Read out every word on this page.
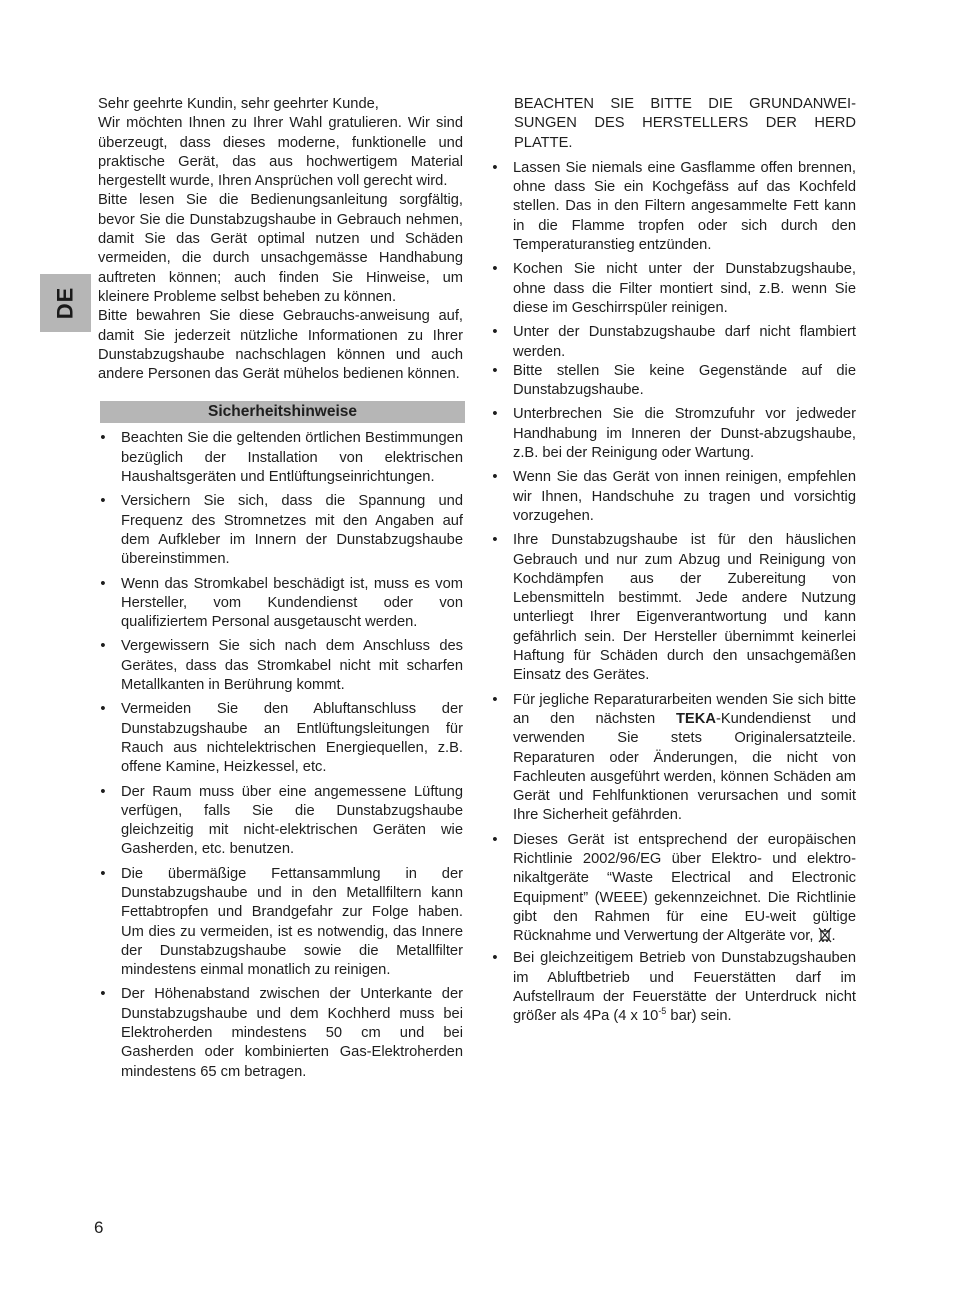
DE

Sehr geehrte Kundin, sehr geehrter Kunde,

Wir möchten Ihnen zu Ihrer Wahl gratulieren. Wir sind überzeugt, dass dieses moderne, funktionelle und praktische Gerät, das aus hochwertigem Material hergestellt wurde, Ihren Ansprüchen voll gerecht wird.

Bitte lesen Sie die Bedienungsanleitung sorgfältig, bevor Sie die Dunstabzugshaube in Gebrauch nehmen, damit Sie das Gerät optimal nutzen und Schäden vermeiden, die durch unsachgemässe Handhabung auftreten können; auch finden Sie Hinweise, um kleinere Probleme selbst beheben zu können.

Bitte bewahren Sie diese Gebrauchs-anweisung auf, damit Sie jederzeit nützliche Informationen zu Ihrer Dunstabzugshaube nachschlagen können und auch andere Personen das Gerät mühelos bedienen können.

Sicherheitshinweise
• Beachten Sie die geltenden örtlichen Bestimmungen bezüglich der Installation von elektrischen Haushaltsgeräten und Entlüftungseinrichtungen.
• Versichern Sie sich, dass die Spannung und Frequenz des Stromnetzes mit den Angaben auf dem Aufkleber im Innern der Dunstabzugshaube übereinstimmen.
• Wenn das Stromkabel beschädigt ist, muss es vom Hersteller, vom Kundendienst oder von qualifiziertem Personal ausgetauscht werden.
• Vergewissern Sie sich nach dem Anschluss des Gerätes, dass das Stromkabel nicht mit scharfen Metallkanten in Berührung kommt.
• Vermeiden Sie den Abluftanschluss der Dunstabzugshaube an Entlüftungsleitungen für Rauch aus nichtelektrischen Energiequellen, z.B. offene Kamine, Heizkessel, etc.
• Der Raum muss über eine angemessene Lüftung verfügen, falls Sie die Dunstabzugshaube gleichzeitig mit nicht-elektrischen Geräten wie Gasherden, etc. benutzen.
• Die übermäßige Fettansammlung in der Dunstabzugshaube und in den Metallfiltern kann Fettabtropfen und Brandgefahr zur Folge haben. Um dies zu vermeiden, ist es notwendig, das Innere der Dunstabzugshaube sowie die Metallfilter mindestens einmal monatlich zu reinigen.
• Der Höhenabstand zwischen der Unterkante der Dunstabzugshaube und dem Kochherd muss bei Elektroherden mindestens 50 cm und bei Gasherden oder kombinierten Gas-Elektroherden mindestens 65 cm betragen.

BEACHTEN SIE BITTE DIE GRUNDANWEI-SUNGEN DES HERSTELLERS DER HERD PLATTE.

• Lassen Sie niemals eine Gasflamme offen brennen, ohne dass Sie ein Kochgefäss auf das Kochfeld stellen. Das in den Filtern angesammelte Fett kann in die Flamme tropfen oder sich durch den Temperaturanstieg entzünden.
• Kochen Sie nicht unter der Dunstabzugshaube, ohne dass die Filter montiert sind, z.B. wenn Sie diese im Geschirrspüler reinigen.
• Unter der Dunstabzugshaube darf nicht flambiert werden.
• Bitte stellen Sie keine Gegenstände auf die Dunstabzugshaube.
• Unterbrechen Sie die Stromzufuhr vor jedweder Handhabung im Inneren der Dunst-abzugshaube, z.B. bei der Reinigung oder Wartung.
• Wenn Sie das Gerät von innen reinigen, empfehlen wir Ihnen, Handschuhe zu tragen und vorsichtig vorzugehen.
• Ihre Dunstabzugshaube ist für den häuslichen Gebrauch und nur zum Abzug und Reinigung von Kochdämpfen aus der Zubereitung von Lebensmitteln bestimmt. Jede andere Nutzung unterliegt Ihrer Eigenverantwortung und kann gefährlich sein. Der Hersteller übernimmt keinerlei Haftung für Schäden durch den unsachgemäßen Einsatz des Gerätes.
• Für jegliche Reparaturarbeiten wenden Sie sich bitte an den nächsten TEKA-Kundendienst und verwenden Sie stets Originalersatzteile. Reparaturen oder Änderungen, die nicht von Fachleuten ausgeführt werden, können Schäden am Gerät und Fehlfunktionen verursachen und somit Ihre Sicherheit gefährden.
• Dieses Gerät ist entsprechend der europäischen Richtlinie 2002/96/EG über Elektro- und elektro-nikaltgeräte “Waste Electrical and Electronic Equipment” (WEEE) gekennzeichnet. Die Richtlinie gibt den Rahmen für eine EU-weit gültige Rücknahme und Verwertung der Altgeräte vor, .
• Bei gleichzeitigem Betrieb von Dunstabzugshauben im Abluftbetrieb und Feuerstätten darf im Aufstellraum der Feuerstätte der Unterdruck nicht größer als 4Pa (4 x $10^{-5}$ bar) sein.
6
